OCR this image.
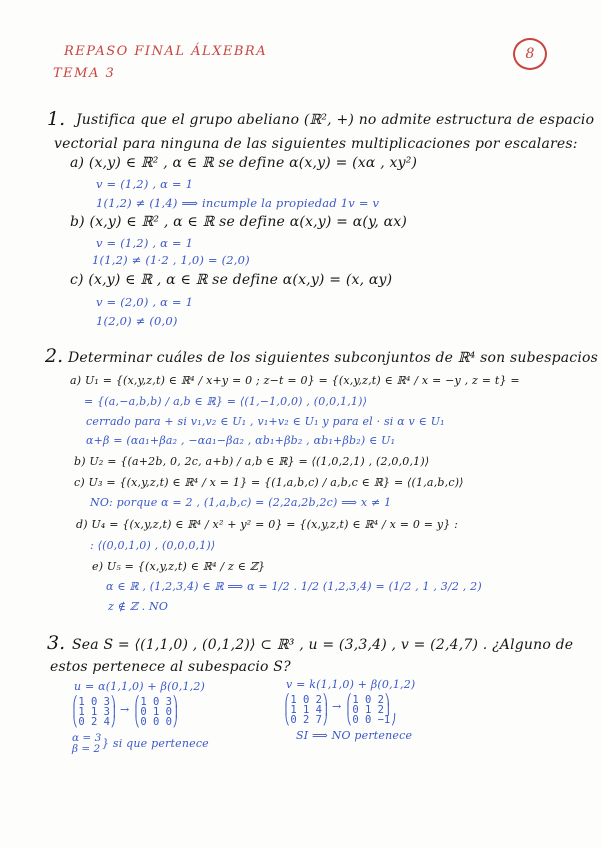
REPASO FINAL ÁLXEBRA
TEMA 3
8
1. Justifica que el grupo abeliano (ℝ², +) no admite estructura de espacio
vectorial para ninguna de las siguientes multiplicaciones por escalares:
a) (x,y) ∈ ℝ² , α ∈ ℝ se define α(x,y) = (xα , xy²)
v = (1,2) , α = 1
1(1,2) ≠ (1,4) ⟹ incumple la propiedad 1v = v
b) (x,y) ∈ ℝ² , α ∈ ℝ se define α(x,y) = α(y, αx)
v = (1,2) , α = 1
1(1,2) ≠ (1·2 , 1,0) = (2,0)
c) (x,y) ∈ ℝ , α ∈ ℝ se define α(x,y) = (x, αy)
v = (2,0) , α = 1
1(2,0) ≠ (0,0)
2. Determinar cuáles de los siguientes subconjuntos de ℝ⁴ son subespacios
a) U₁ = {(x,y,z,t) ∈ ℝ⁴ / x+y = 0 ; z−t = 0} = {(x,y,z,t) ∈ ℝ⁴ / x = −y , z = t} =
= {(a,−a,b,b) / a,b ∈ ℝ} = ⟨(1,−1,0,0) , (0,0,1,1)⟩
cerrado para + si v₁,v₂ ∈ U₁ , v₁+v₂ ∈ U₁ y para el · si α v ∈ U₁
α+β = (αa₁+βa₂ , −αa₁−βa₂ , αb₁+βb₂ , αb₁+βb₂) ∈ U₁
b) U₂ = {(a+2b, 0, 2c, a+b) / a,b ∈ ℝ} = ⟨(1,0,2,1) , (2,0,0,1)⟩
c) U₃ = {(x,y,z,t) ∈ ℝ⁴ / x = 1} = {(1,a,b,c) / a,b,c ∈ ℝ} = ⟨(1,a,b,c)⟩
NO: porque α = 2 , (1,a,b,c) = (2,2a,2b,2c) ⟹ x ≠ 1
d) U₄ = {(x,y,z,t) ∈ ℝ⁴ / x² + y² = 0} = {(x,y,z,t) ∈ ℝ⁴ / x = 0 = y} :
: ⟨(0,0,1,0) , (0,0,0,1)⟩
e) U₅ = {(x,y,z,t) ∈ ℝ⁴ / z ∈ ℤ}
α ∈ ℝ , (1,2,3,4) ∈ ℝ ⟹ α = 1/2 . 1/2 (1,2,3,4) = (1/2 , 1 , 3/2 , 2)
z ∉ ℤ . NO
3. Sea S = ⟨(1,1,0) , (0,1,2)⟩ ⊂ ℝ³ , u = (3,3,4) , v = (2,4,7) . ¿Alguno de
estos pertenece al subespacio S?
u = α(1,1,0) + β(0,1,2)
⎛1 0 3⎞
⎜1 1 3⎟
⎝0 2 4⎠
→
⎛1 0 3⎞
⎜0 1 0⎟
⎝0 0 0⎠
α = 3
β = 2 } si que pertenece
v = k(1,1,0) + β(0,1,2)
⎛1 0 2⎞
⎜1 1 4⎟
⎝0 2 7⎠
→ ⎛1 0 2⎞
⎜0 1 2⎟
⎝0 0 −1⎠
SI ⟹ NO pertenece
